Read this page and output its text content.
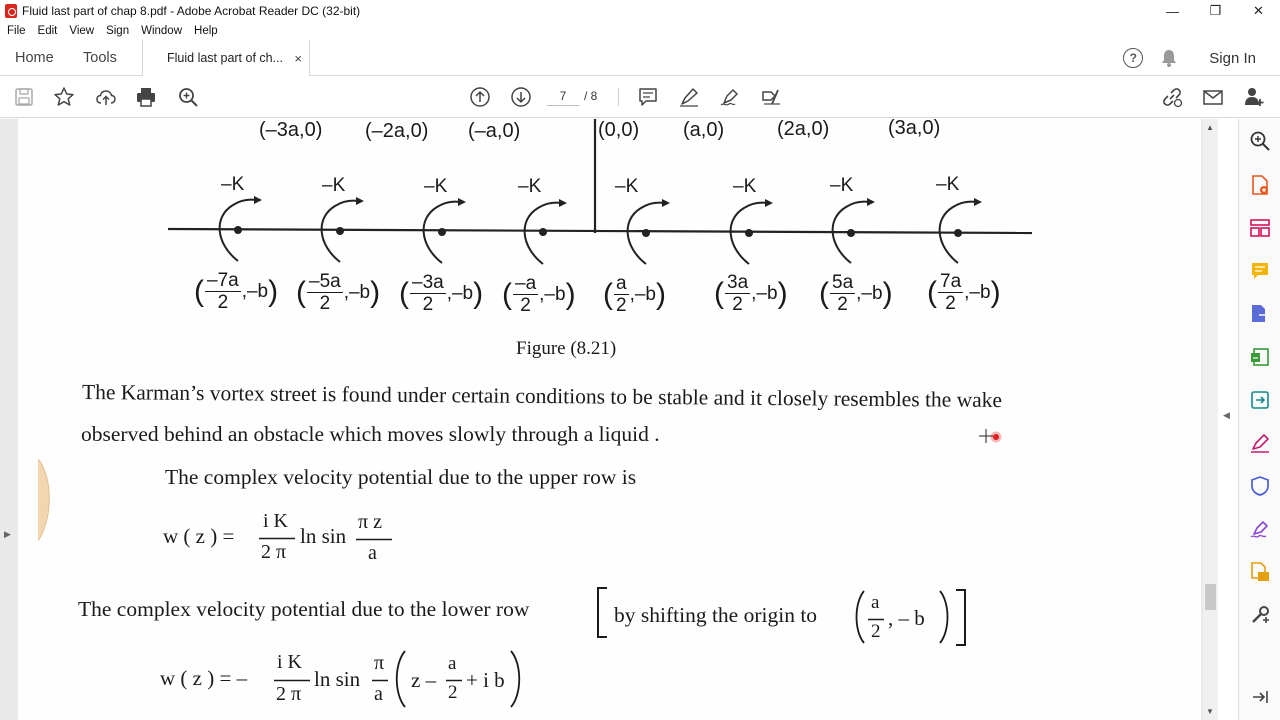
Fluid last part of chap 8.pdf - Adobe Acrobat Reader DC (32-bit)	—	❐	✕
File Edit View Sign Window Help
Home Tools	Fluid last part of ch... ×	?	Sign In
7	/ 8
(–3a,0) (–2a,0) (–a,0)	(0,0) (a,0)	(2a,0)	(3a,0)
–K	–K	–K	–K	–K	–K	–K	–K
( $\frac{-7a}{2} ,-b$ ) ( $\frac{-5a}{2} ,-b$ ) ( $\frac{-3a}{2} ,-b$ ) ( $\frac{-a}{2} ,-b$ ) ( $\frac{a}{2} ,-b$ ) ( $\frac{3a}{2} ,-b$ ) ( $\frac{5a}{2} ,-b$ ) ( $\frac{7a}{2} ,-b$ )
Figure (8.21)
The Karman’s vortex street is found under certain conditions to be stable and it closely resembles the wake
observed behind an obstacle which moves slowly through a liquid .
The complex velocity potential due to the upper row is
w ( z ) =
i K
2 π
ln sin
π z
a
The complex velocity potential due to the lower row	by shifting the origin to
a
2
, – b
w ( z ) = –
i K
2 π
ln sin
π
a
z –
a
2
+ i b
▶
▲
▼
◀
